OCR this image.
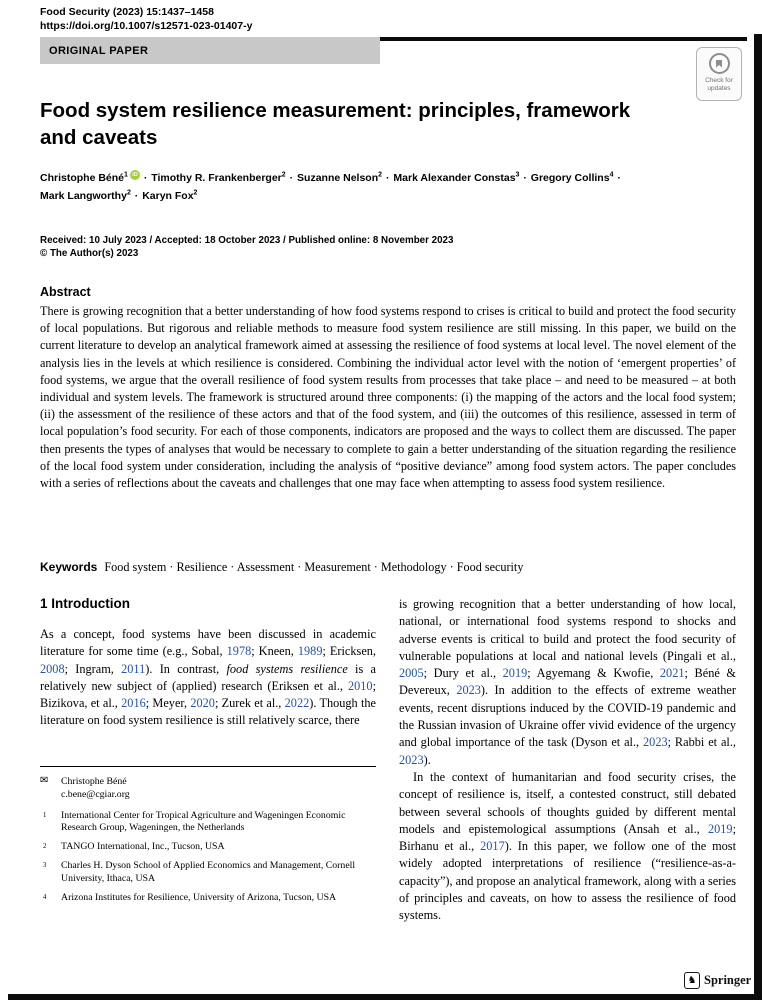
Food Security (2023) 15:1437–1458
https://doi.org/10.1007/s12571-023-01407-y
ORIGINAL PAPER
Check for
updates
Food system resilience measurement: principles, framework
and caveats
Christophe Béné$^1$ iD · Timothy R. Frankenberger$^2$ · Suzanne Nelson$^2$ · Mark Alexander Constas$^3$ · Gregory Collins$^4$ ·
Mark Langworthy$^2$ · Karyn Fox$^2$
Received: 10 July 2023 / Accepted: 18 October 2023 / Published online: 8 November 2023
© The Author(s) 2023
Abstract
There is growing recognition that a better understanding of how food systems respond to crises is critical to build and protect the food security of local populations. But rigorous and reliable methods to measure food system resilience are still missing. In this paper, we build on the current literature to develop an analytical framework aimed at assessing the resilience of food systems at local level. The novel element of the analysis lies in the levels at which resilience is considered. Combining the individual actor level with the notion of ‘emergent properties’ of food systems, we argue that the overall resilience of food system results from processes that take place – and need to be measured – at both individual and system levels. The framework is structured around three components: (i) the mapping of the actors and the local food system; (ii) the assessment of the resilience of these actors and that of the food system, and (iii) the outcomes of this resilience, assessed in term of local population’s food security. For each of those components, indicators are proposed and the ways to collect them are discussed. The paper then presents the types of analyses that would be necessary to complete to gain a better understanding of the situation regarding the resilience of the local food system under consideration, including the analysis of “positive deviance” among food system actors. The paper concludes with a series of reflections about the caveats and challenges that one may face when attempting to assess food system resilience.
Keywords Food system · Resilience · Assessment · Measurement · Methodology · Food security
1 Introduction

As a concept, food systems have been discussed in academic literature for some time (e.g., Sobal, 1978; Kneen, 1989; Ericksen, 2008; Ingram, 2011). In contrast, food systems resilience is a relatively new subject of (applied) research (Eriksen et al., 2010; Bizikova, et al., 2016; Meyer, 2020; Zurek et al., 2022). Though the literature on food system resilience is still relatively scarce, there

✉ Christophe Béné
c.bene@cgiar.org
1 International Center for Tropical Agriculture and Wageningen Economic Research Group, Wageningen, the Netherlands
2 TANGO International, Inc., Tucson, USA
3 Charles H. Dyson School of Applied Economics and Management, Cornell University, Ithaca, USA
4 Arizona Institutes for Resilience, University of Arizona, Tucson, USA

is growing recognition that a better understanding of how local, national, or international food systems respond to shocks and adverse events is critical to build and protect the food security of vulnerable populations at local and national levels (Pingali et al., 2005; Dury et al., 2019; Agyemang & Kwofie, 2021; Béné & Devereux, 2023). In addition to the effects of extreme weather events, recent disruptions induced by the COVID-19 pandemic and the Russian invasion of Ukraine offer vivid evidence of the urgency and global importance of the task (Dyson et al., 2023; Rabbi et al., 2023).

In the context of humanitarian and food security crises, the concept of resilience is, itself, a contested construct, still debated between several schools of thoughts guided by different mental models and epistemological assumptions (Ansah et al., 2019; Birhanu et al., 2017). In this paper, we follow one of the most widely adopted interpretations of resilience (“resilience-as-a-capacity”), and propose an analytical framework, along with a series of principles and caveats, on how to assess the resilience of food systems.

♞ Springer
